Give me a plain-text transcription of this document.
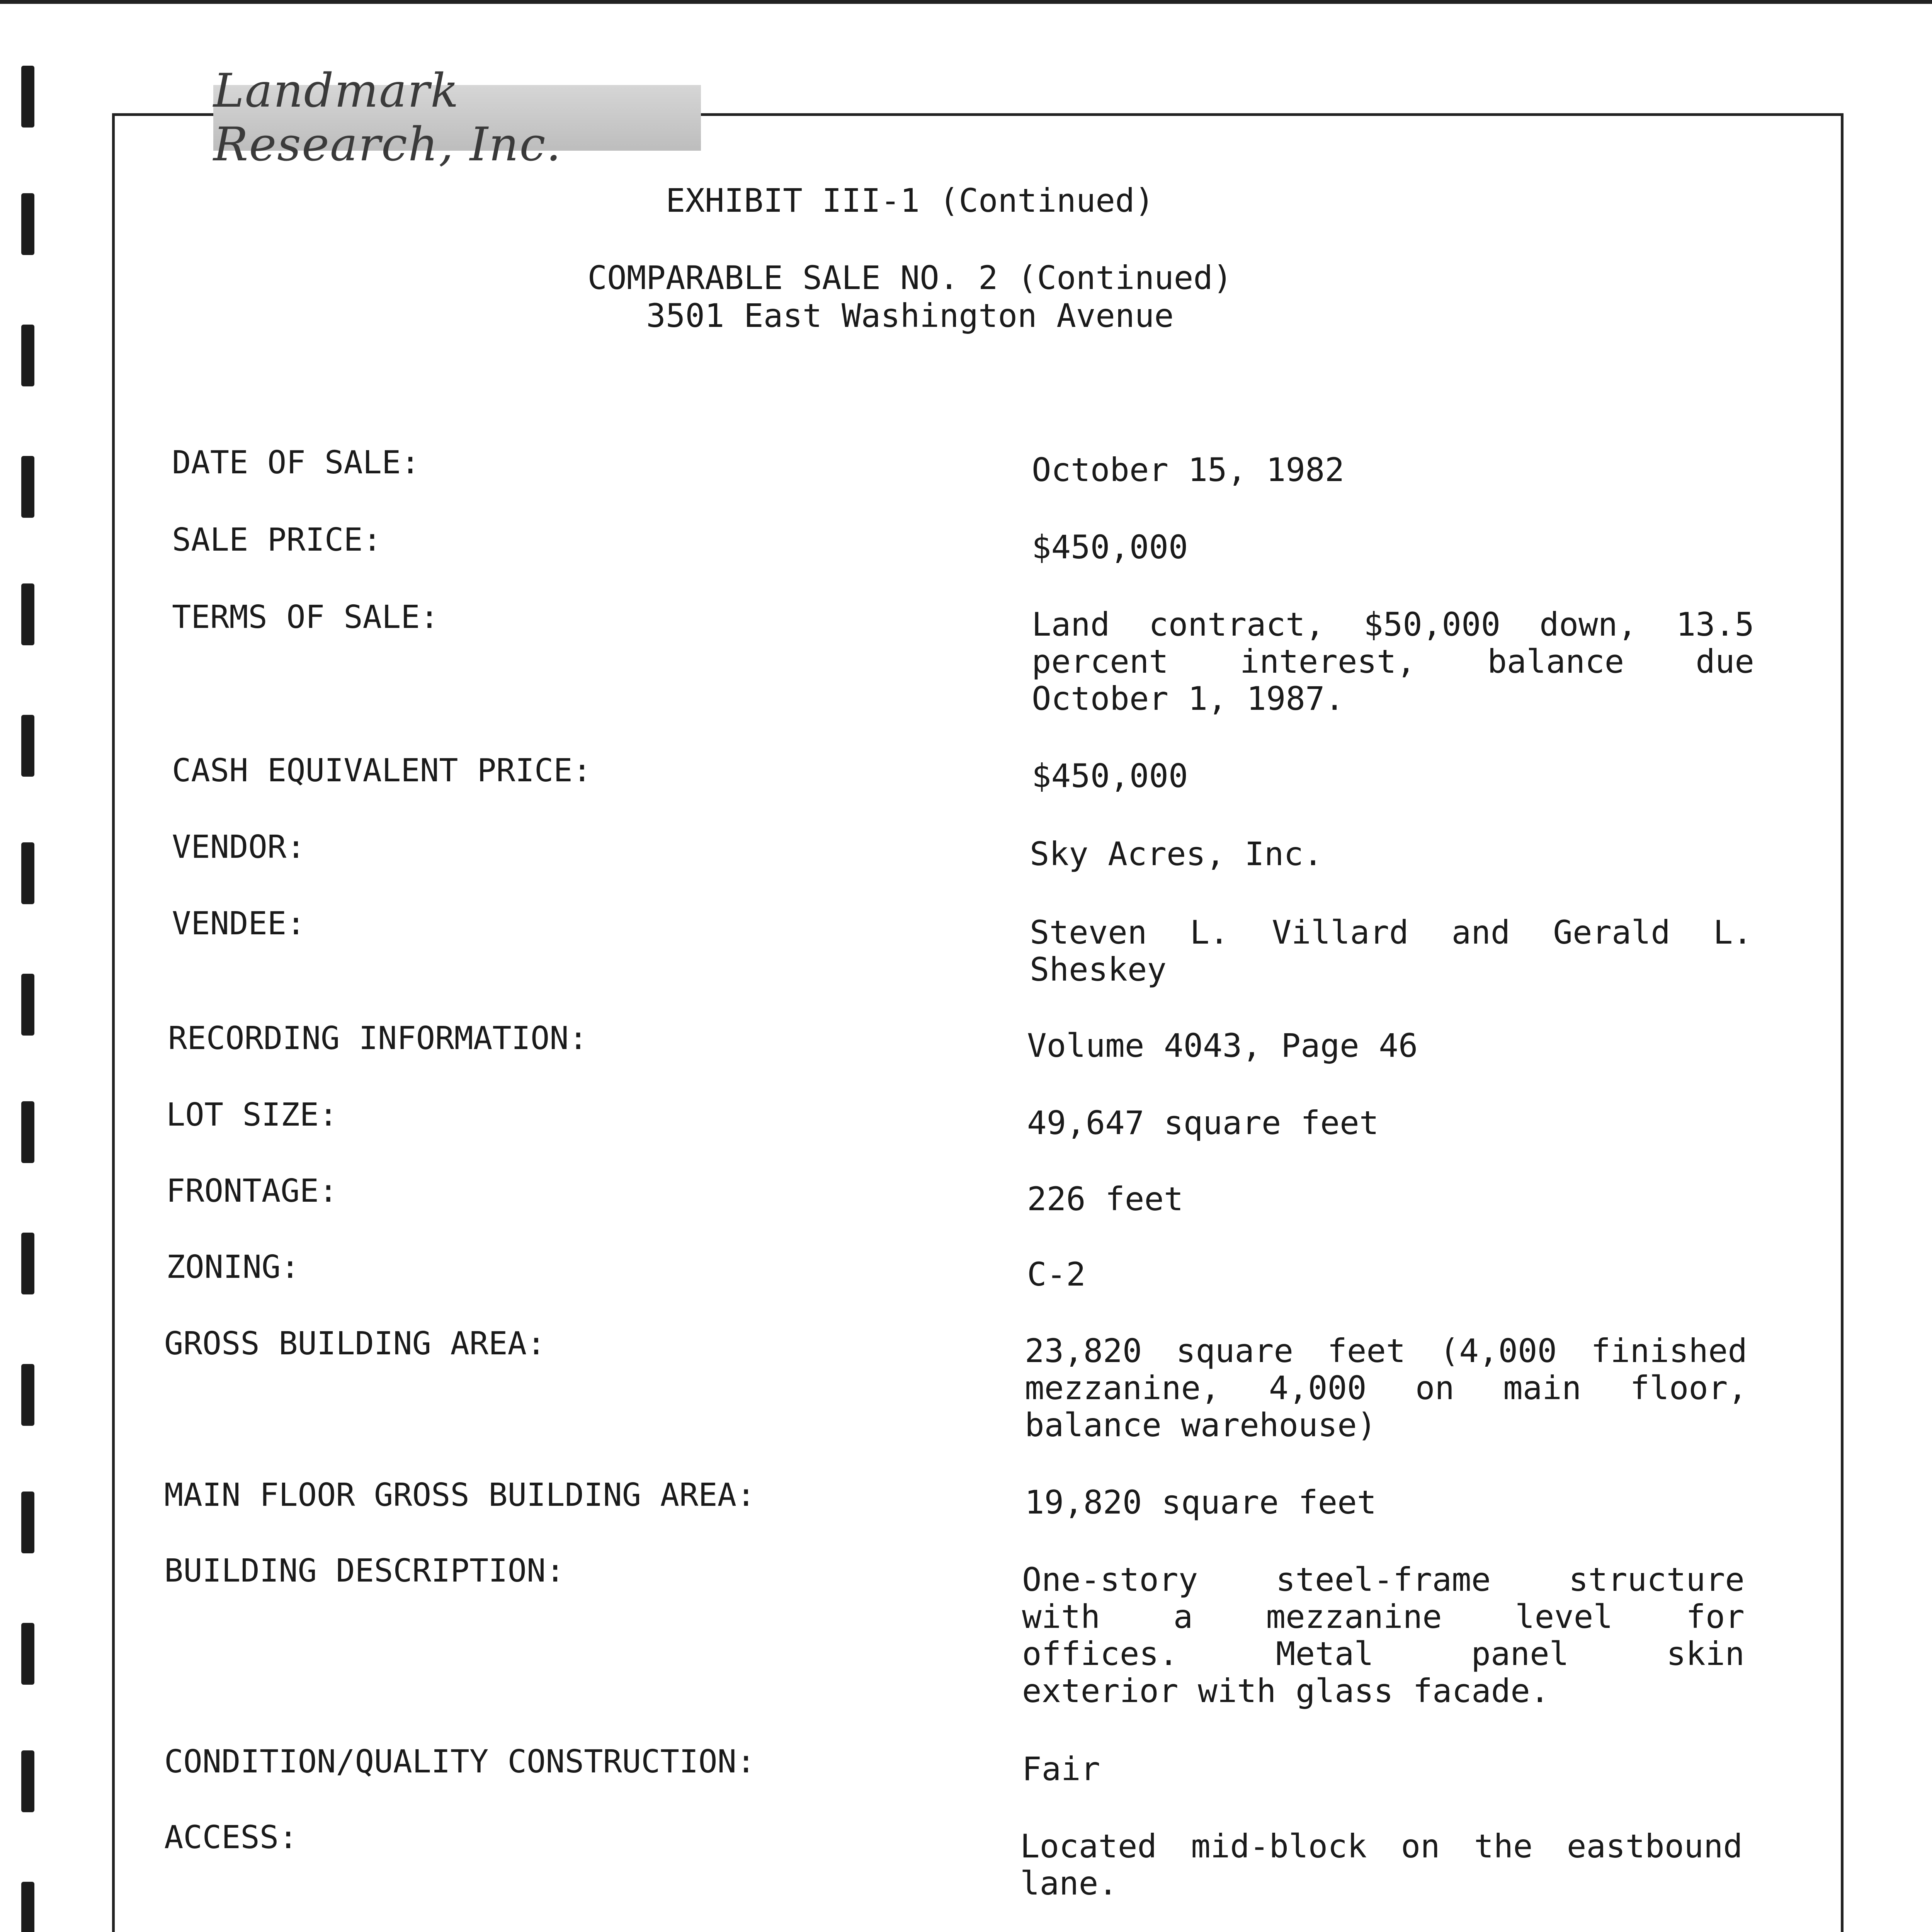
Landmark Research, Inc.
EXHIBIT III-1 (Continued)
COMPARABLE SALE NO. 2 (Continued)
3501 East Washington Avenue
DATE OF SALE:	October 15, 1982
SALE PRICE:	$450,000
TERMS OF SALE:	Land contract, $50,000 down, 13.5
percent interest, balance due
October 1, 1987.
CASH EQUIVALENT PRICE:	$450,000
VENDOR:	Sky Acres, Inc.
VENDEE:	Steven L. Villard and Gerald L.
Sheskey
RECORDING INFORMATION:	Volume 4043, Page 46
LOT SIZE:	49,647 square feet
FRONTAGE:	226 feet
ZONING:	C-2
GROSS BUILDING AREA:	23,820 square feet (4,000 finished
mezzanine, 4,000 on main floor,
balance warehouse)
MAIN FLOOR GROSS BUILDING AREA:	19,820 square feet
BUILDING DESCRIPTION:	One-story steel-frame structure
with a mezzanine level for
offices. Metal panel skin
exterior with glass facade.
CONDITION/QUALITY CONSTRUCTION:	Fair
ACCESS:	Located mid-block on the eastbound
lane.
